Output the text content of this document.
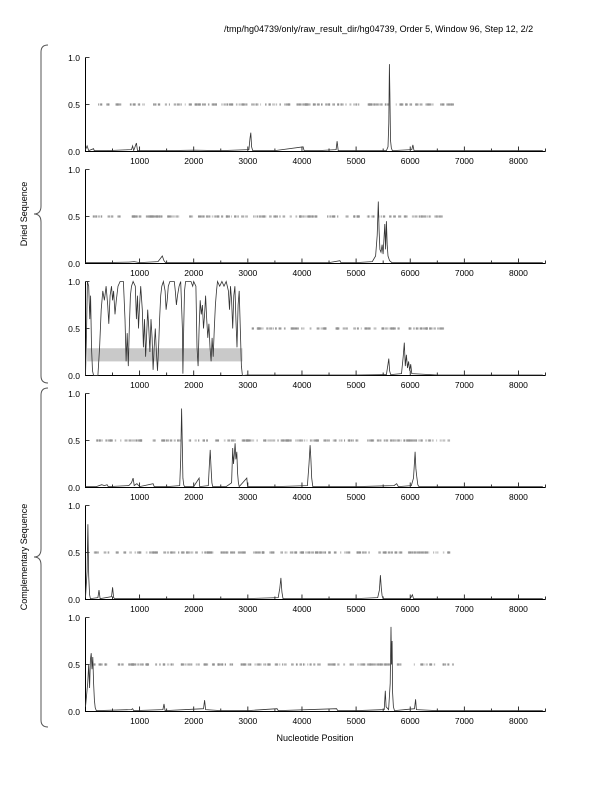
/tmp/hg04739/only/raw_result_dir/hg04739, Order 5, Window 96, Step 12, 2/2
Dried Sequence
Complementary Sequence
1.0
0.5
0.0
1000	2000	3000	4000	5000	6000	7000	8000
1.0
0.5
0.0
1000	2000	3000	4000	5000	6000	7000	8000
1.0
0.5
0.0
1000	2000	3000	4000	5000	6000	7000	8000
1.0
0.5
0.0
1000	2000	3000	4000	5000	6000	7000	8000
1.0
0.5
0.0
1000	2000	3000	4000	5000	6000	7000	8000
1.0
0.5
0.0
1000	2000	3000	4000	5000	6000	7000	8000
Nucleotide Position
